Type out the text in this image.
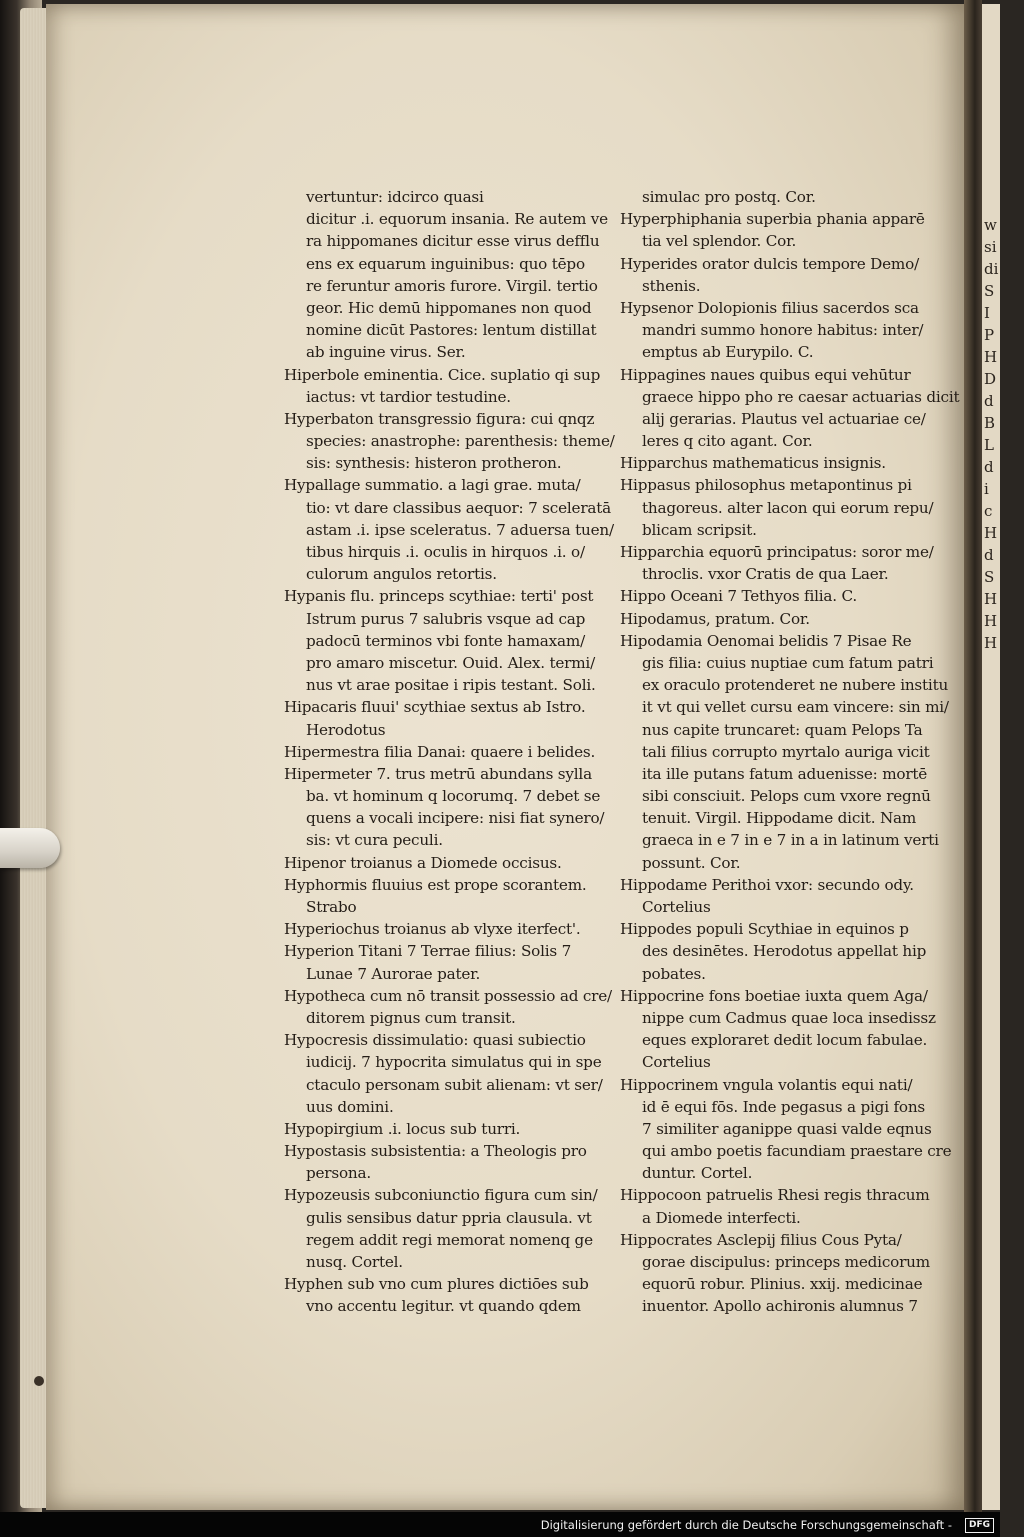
w
si
di
S
I
P
H
D
d
B
L
d
i
c
H
d
S
H
H
H
vertuntur: idcirco quasi
dicitur .i. equorum insania. Re autem ve
ra hippomanes dicitur esse virus defflu
ens ex equarum inguinibus: quo tēpo
re feruntur amoris furore. Virgil. tertio
geor. Hic demū hippomanes non quod
nomine dicūt Pastores: lentum distillat
ab inguine virus. Ser.
Hiperbole eminentia. Cice. suplatio qi sup
iactus: vt tardior testudine.
Hyperbaton transgressio figura: cui qnqz
species: anastrophe: parenthesis: theme/
sis: synthesis: histeron protheron.
Hypallage summatio. a lagi grae. muta/
tio: vt dare classibus aequor: 7 sceleratā
astam .i. ipse sceleratus. 7 aduersa tuen/
tibus hirquis .i. oculis in hirquos .i. o/
culorum angulos retortis.
Hypanis flu. princeps scythiae: terti' post
Istrum purus 7 salubris vsque ad cap
padocū terminos vbi fonte hamaxam/
pro amaro miscetur. Ouid. Alex. termi/
nus vt arae positae i ripis testant. Soli.
Hipacaris fluui' scythiae sextus ab Istro.
Herodotus
Hipermestra filia Danai: quaere i belides.
Hipermeter 7. trus metrū abundans sylla
ba. vt hominum q locorumq. 7 debet se
quens a vocali incipere: nisi fiat synero/
sis: vt cura peculi.
Hipenor troianus a Diomede occisus.
Hyphormis fluuius est prope scorantem.
Strabo
Hyperiochus troianus ab vlyxe iterfect'.
Hyperion Titani 7 Terrae filius: Solis 7
Lunae 7 Aurorae pater.
Hypotheca cum nō transit possessio ad cre/
ditorem pignus cum transit.
Hypocresis dissimulatio: quasi subiectio
iudicij. 7 hypocrita simulatus qui in spe
ctaculo personam subit alienam: vt ser/
uus domini.
Hypopirgium .i. locus sub turri.
Hypostasis subsistentia: a Theologis pro
persona.
Hypozeusis subconiunctio figura cum sin/
gulis sensibus datur ppria clausula. vt
regem addit regi memorat nomenq ge
nusq. Cortel.
Hyphen sub vno cum plures dictiōes sub
vno accentu legitur. vt quando qdem
simulac pro postq. Cor.
Hyperphiphania superbia phania apparē
tia vel splendor. Cor.
Hyperides orator dulcis tempore Demo/
sthenis.
Hypsenor Dolopionis filius sacerdos sca
mandri summo honore habitus: inter/
emptus ab Eurypilo. C.
Hippagines naues quibus equi vehūtur
graece hippo pho re caesar actuarias dicit
alij gerarias. Plautus vel actuariae ce/
leres q cito agant. Cor.
Hipparchus mathematicus insignis.
Hippasus philosophus metapontinus pi
thagoreus. alter lacon qui eorum repu/
blicam scripsit.
Hipparchia equorū principatus: soror me/
throclis. vxor Cratis de qua Laer.
Hippo Oceani 7 Tethyos filia. C.
Hipodamus, pratum. Cor.
Hipodamia Oenomai belidis 7 Pisae Re
gis filia: cuius nuptiae cum fatum patri
ex oraculo protenderet ne nubere institu
it vt qui vellet cursu eam vincere: sin mi/
nus capite truncaret: quam Pelops Ta
tali filius corrupto myrtalo auriga vicit
ita ille putans fatum aduenisse: mortē
sibi consciuit. Pelops cum vxore regnū
tenuit. Virgil. Hippodame dicit. Nam
graeca in e 7 in e 7 in a in latinum verti
possunt. Cor.
Hippodame Perithoi vxor: secundo ody.
Cortelius
Hippodes populi Scythiae in equinos p
des desinētes. Herodotus appellat hip
pobates.
Hippocrine fons boetiae iuxta quem Aga/
nippe cum Cadmus quae loca insedissz
eques exploraret dedit locum fabulae.
Cortelius
Hippocrinem vngula volantis equi nati/
id ē equi fōs. Inde pegasus a pigi fons
7 similiter aganippe quasi valde eqnus
qui ambo poetis facundiam praestare cre
duntur. Cortel.
Hippocoon patruelis Rhesi regis thracum
a Diomede interfecti.
Hippocrates Asclepij filius Cous Pyta/
gorae discipulus: princeps medicorum
equorū robur. Plinius. xxij. medicinae
inuentor. Apollo achironis alumnus 7
Digitalisierung gefördert durch die Deutsche Forschungsgemeinschaft -	DFG
